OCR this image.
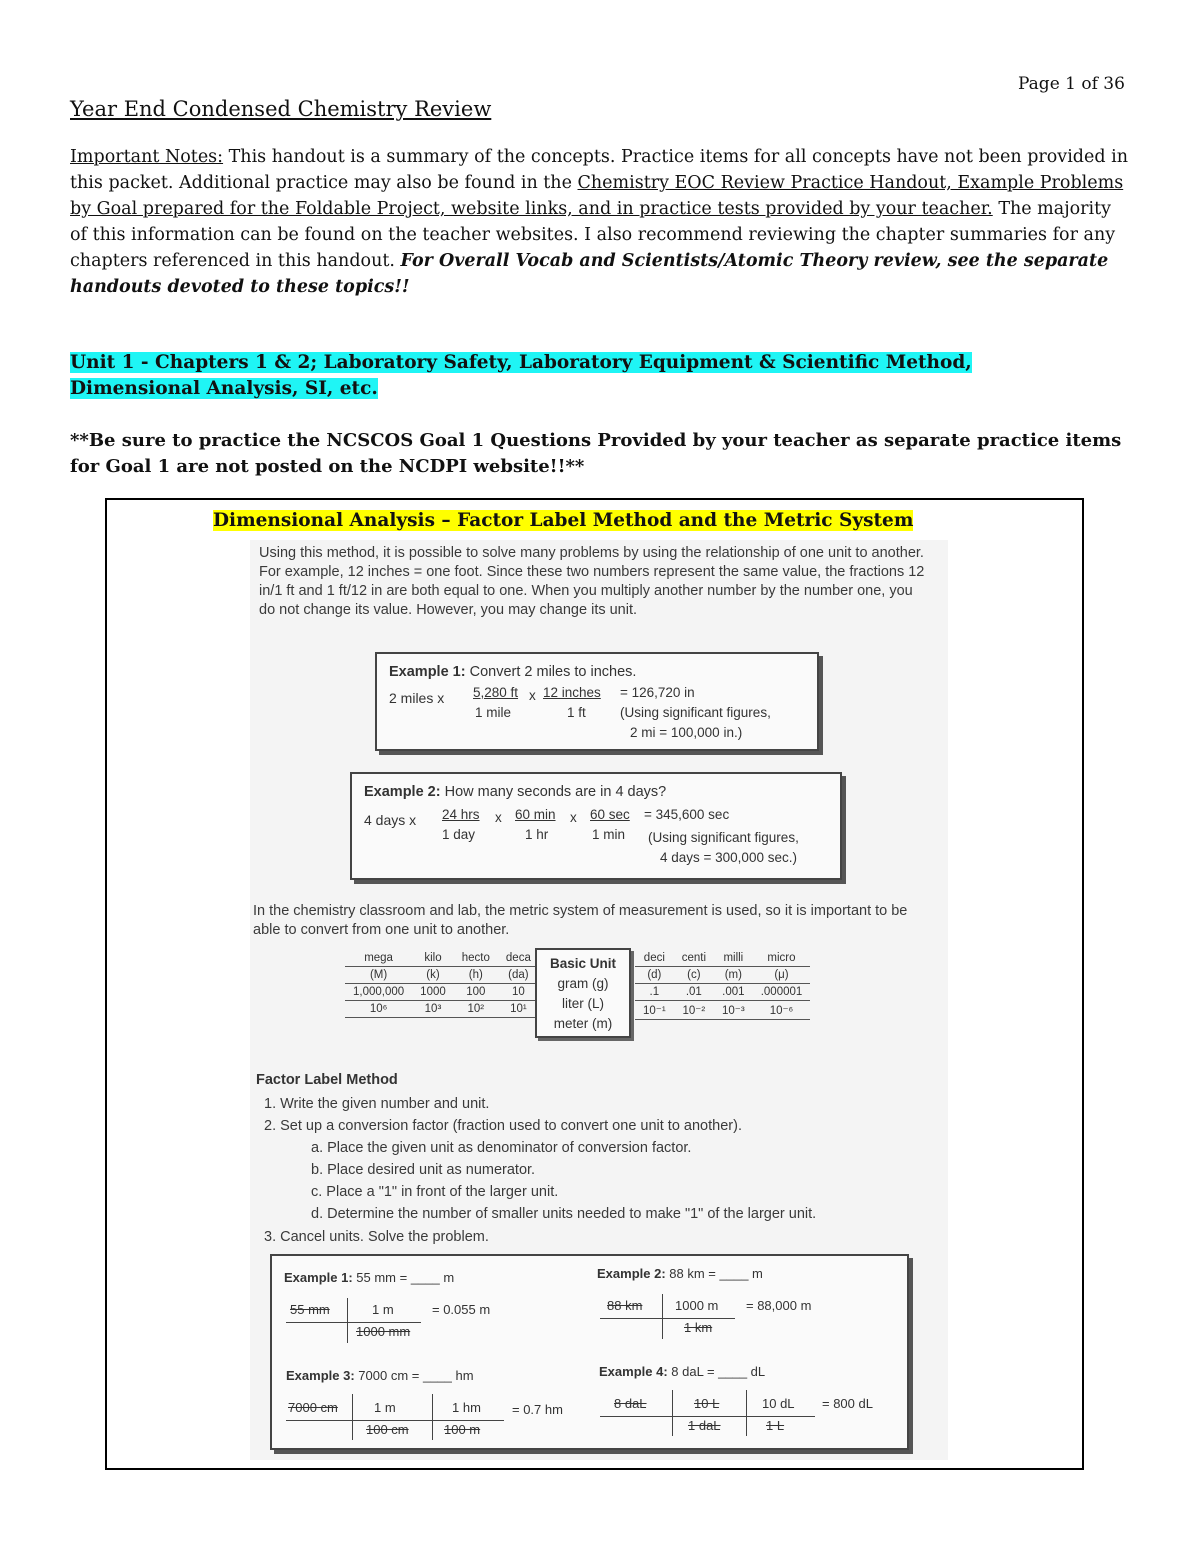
Page 1 of 36
Year End Condensed Chemistry Review
Important Notes: This handout is a summary of the concepts. Practice items for all concepts have not been provided in this packet. Additional practice may also be found in the Chemistry EOC Review Practice Handout, Example Problems by Goal prepared for the Foldable Project, website links, and in practice tests provided by your teacher. The majority of this information can be found on the teacher websites. I also recommend reviewing the chapter summaries for any chapters referenced in this handout. For Overall Vocab and Scientists/Atomic Theory review, see the separate handouts devoted to these topics!!
Unit 1 - Chapters 1 & 2; Laboratory Safety, Laboratory Equipment & Scientific Method, Dimensional Analysis, SI, etc.
**Be sure to practice the NCSCOS Goal 1 Questions Provided by your teacher as separate practice items for Goal 1 are not posted on the NCDPI website!!**
Dimensional Analysis – Factor Label Method and the Metric System
Using this method, it is possible to solve many problems by using the relationship of one unit to another. For example, 12 inches = one foot. Since these two numbers represent the same value, the fractions 12 in/1 ft and 1 ft/12 in are both equal to one. When you multiply another number by the number one, you do not change its value. However, you may change its unit.
Example 1: Convert 2 miles to inches.
2 miles x 5,280 ft
1 mile
x 12 inches
1 ft
= 126,720 in
(Using significant figures,
2 mi = 100,000 in.)
Example 2: How many seconds are in 4 days?
4 days x 24 hrs
1 day
x 60 min
1 hr
x 60 sec
1 min
= 345,600 sec
(Using significant figures,
4 days = 300,000 sec.)
In the chemistry classroom and lab, the metric system of measurement is used, so it is important to be able to convert from one unit to another.
mega	kilo	hecto	deca
(M)	(k)	(h)	(da)
1,000,000	1000	100	10
10⁶	10³	10²	10¹
Basic Unit
gram (g)
liter (L)
meter (m)
deci	centi	milli	micro
(d)	(c)	(m)	(μ)
.1	.01	.001	.000001
10⁻¹	10⁻²	10⁻³	10⁻⁶
Factor Label Method
1. Write the given number and unit.
2. Set up a conversion factor (fraction used to convert one unit to another).
a. Place the given unit as denominator of conversion factor.
b. Place desired unit as numerator.
c. Place a "1" in front of the larger unit.
d. Determine the number of smaller units needed to make "1" of the larger unit.
3. Cancel units. Solve the problem.
Example 1: 55 mm = ____ m
55 mm	1 m
1000 mm
= 0.055 m
Example 2: 88 km = ____ m
88 km	1000 m
1 km
= 88,000 m
Example 3: 7000 cm = ____ hm
7000 cm	1 m
100 cm
1 hm
100 m
= 0.7 hm
Example 4: 8 daL = ____ dL
8 daL	10 L
1 daL
10 dL
1 L
= 800 dL
